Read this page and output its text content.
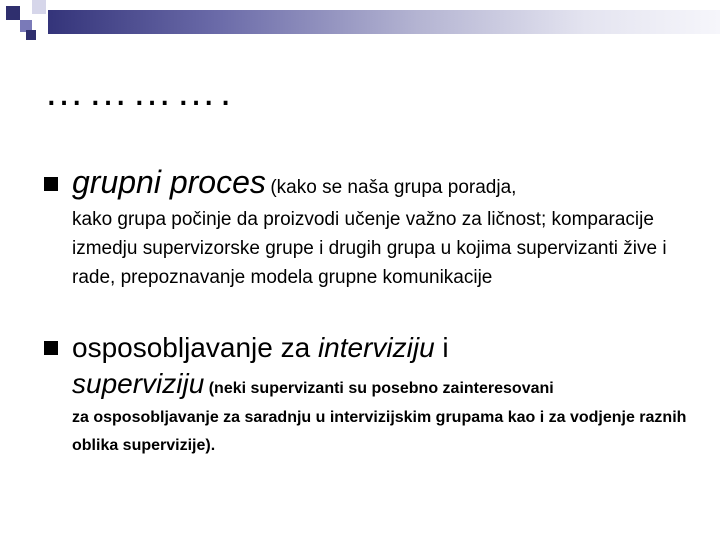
………….
grupni proces (kako se naša grupa poradja,
kako grupa počinje da proizvodi učenje važno za ličnost; komparacije izmedju supervizorske grupe i drugih grupa u kojima supervizanti žive i rade, prepoznavanje modela grupne komunikacije
osposobljavanje za interviziju i
superviziju (neki supervizanti su posebno zainteresovani
za osposobljavanje za saradnju u intervizijskim grupama kao i za vodjenje raznih oblika supervizije).
